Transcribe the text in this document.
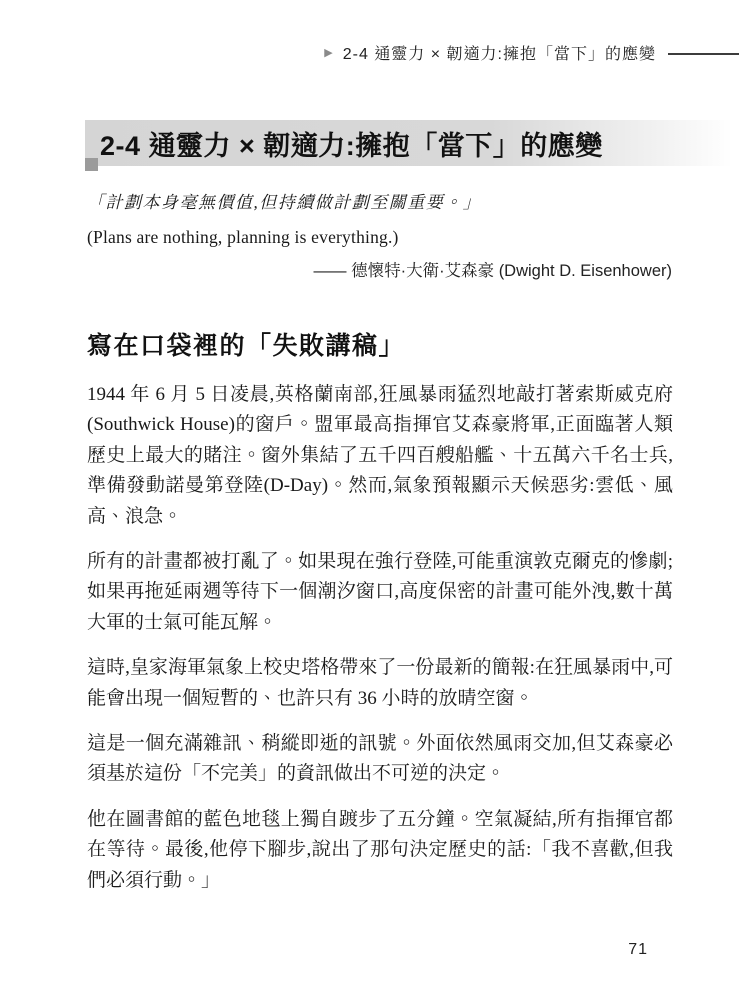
▶ 2-4 通靈力 × 韌適力:擁抱「當下」的應變
2-4 通靈力 × 韌適力:擁抱「當下」的應變

「計劃本身毫無價值,但持續做計劃至關重要。」

(Plans are nothing, planning is everything.)

—— 德懷特·大衛·艾森豪 (Dwight D. Eisenhower)

寫在口袋裡的「失敗講稿」

1944 年 6 月 5 日凌晨,英格蘭南部,狂風暴雨猛烈地敲打著索斯威克府(Southwick House)的窗戶。盟軍最高指揮官艾森豪將軍,正面臨著人類歷史上最大的賭注。窗外集結了五千四百艘船艦、十五萬六千名士兵,準備發動諾曼第登陸(D-Day)。然而,氣象預報顯示天候惡劣:雲低、風高、浪急。

所有的計畫都被打亂了。如果現在強行登陸,可能重演敦克爾克的慘劇;如果再拖延兩週等待下一個潮汐窗口,高度保密的計畫可能外洩,數十萬大軍的士氣可能瓦解。

這時,皇家海軍氣象上校史塔格帶來了一份最新的簡報:在狂風暴雨中,可能會出現一個短暫的、也許只有 36 小時的放晴空窗。

這是一個充滿雜訊、稍縱即逝的訊號。外面依然風雨交加,但艾森豪必須基於這份「不完美」的資訊做出不可逆的決定。

他在圖書館的藍色地毯上獨自踱步了五分鐘。空氣凝結,所有指揮官都在等待。最後,他停下腳步,說出了那句決定歷史的話:「我不喜歡,但我們必須行動。」

71
